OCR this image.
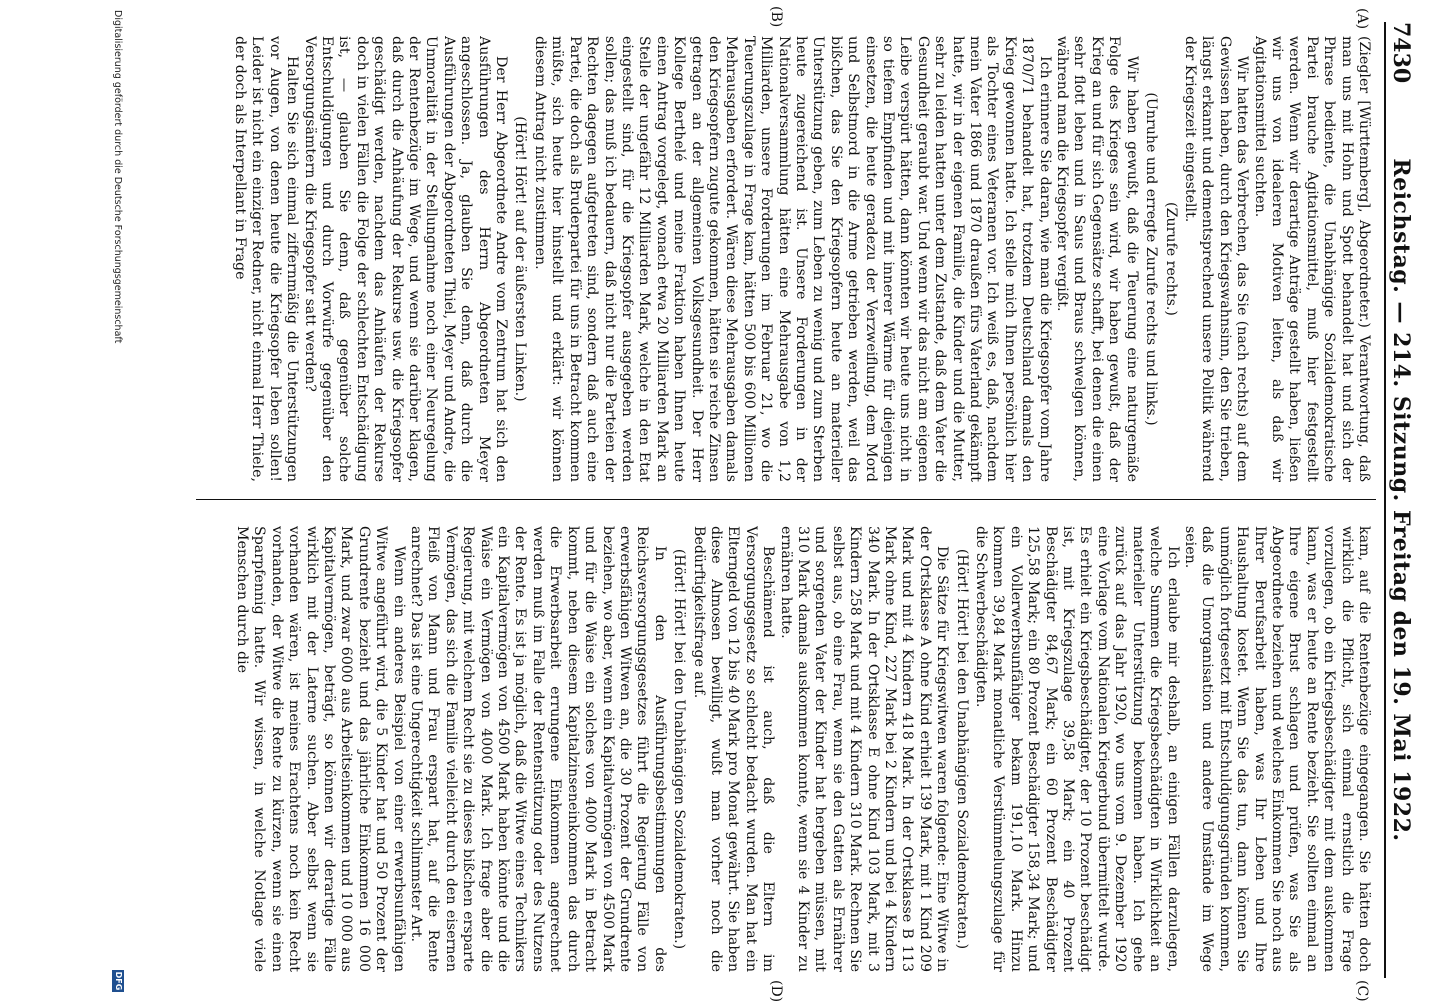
7430
Reichstag. — 214. Sitzung. Freitag den 19. Mai 1922.
(A)
(B)
(C)
(D)

(Ziegler [Württemberg], Abgeordneter.) Verantwortung, daß man uns mit Hohn und Spott behandelt hat und sich der Phrase bediente, die Unabhängige Sozialdemokratische Partei brauche Agitationsmittel, muß hier festgestellt werden. Wenn wir derartige Anträge gestellt haben, ließen wir uns von idealeren Motiven leiten, als daß wir Agitationsmittel suchten.

Wir hatten das Verbrechen, das Sie (nach rechts) auf dem Gewissen haben, durch den Kriegswahnsinn, den Sie trieben, längst erkannt und dementsprechend unsere Politik während der Kriegszeit eingestellt.

(Zurufe rechts.)

(Unruhe und erregte Zurufe rechts und links.)

Wir haben gewußt, daß die Teuerung eine naturgemäße Folge des Krieges sein wird, wir haben gewußt, daß der Krieg an und für sich Gegensätze schafft, bei denen die einen sehr flott leben und in Saus und Braus schwelgen können, während man die Kriegsopfer vergißt.

Ich erinnere Sie daran, wie man die Kriegsopfer vom Jahre 1870/71 behandelt hat, trotzdem Deutschland damals den Krieg gewonnen hatte. Ich stelle mich Ihnen persönlich hier als Tochter eines Veteranen vor. Ich weiß es, daß, nachdem mein Vater 1866 und 1870 draußen fürs Vaterland gekämpft hatte, wir in der eigenen Familie, die Kinder und die Mutter, sehr zu leiden hatten unter dem Zustande, daß dem Vater die Gesundheit geraubt war. Und wenn wir das nicht am eigenen Leibe verspürt hätten, dann könnten wir heute uns nicht in so tiefem Empfinden und mit innerer Wärme für diejenigen einsetzen, die heute geradezu der Verzweiflung, dem Mord und Selbstmord in die Arme getrieben werden, weil das bißchen, das Sie den Kriegsopfern heute an materieller Unterstützung geben, zum Leben zu wenig und zum Sterben heute zugereichend ist. Unsere Forderungen in der Nationalversammlung hätten eine Mehrausgabe von 1,2 Milliarden, unsere Forderungen im Februar 21, wo die Teuerungszulage in Frage kam, hätten 500 bis 600 Millionen Mehrausgaben erfordert. Wären diese Mehrausgaben damals den Kriegsopfern zugute gekommen, hätten sie reiche Zinsen getragen an der allgemeinen Volksgesundheit. Der Herr Kollege Berthelé und meine Fraktion haben Ihnen heute einen Antrag vorgelegt, wonach etwa 20 Milliarden Mark an Stelle der ungefähr 12 Milliarden Mark, welche in den Etat eingestellt sind, für die Kriegsopfer ausgegeben werden sollen; das muß ich bedauern, daß nicht nur die Parteien der Rechten dagegen aufgetreten sind, sondern daß auch eine Partei, die doch als Bruderpartei für uns in Betracht kommen müßte, sich heute hier hinstellt und erklärt: wir können diesem Antrag nicht zustimmen.

(Hört! Hört! auf der äußersten Linken.)

Der Herr Abgeordnete Andre vom Zentrum hat sich den Ausführungen des Herrn Abgeordneten Meyer angeschlossen. Ja, glauben Sie denn, daß durch die Ausführungen der Abgeordneten Thiel, Meyer und Andre, die Unmoralität in der Stellungnahme noch einer Neuregelung der Rentenbezüge im Wege, und wenn sie darüber klagen, daß durch die Anhäufung der Rekurse usw. die Kriegsopfer geschädigt werden, nachdem das Anhäufen der Rekurse doch in vielen Fällen die Folge der schlechten Entschädigung ist, — glauben Sie denn, daß gegenüber solche Entschuldigungen und durch Vorwürfe gegenüber den Versorgungsämtern die Kriegsopfer satt werden?

Halten Sie sich einmal ziffernmäßig die Unterstützungen vor Augen, von denen heute die Kriegsopfer leben sollen! Leider ist nicht ein einziger Redner, nicht einmal Herr Thiele, der doch als Interpellant in Frage

kam, auf die Rentenbezüge eingegangen. Sie hätten doch wirklich die Pflicht, sich einmal ernstlich die Frage vorzulegen, ob ein Kriegsbeschädigter mit dem auskommen kann, was er heute an Rente bezieht. Sie sollten einmal an Ihre eigene Brust schlagen und prüfen, was Sie als Abgeordnete beziehen und welches Einkommen Sie noch aus Ihrer Berufsarbeit haben, was Ihr Leben und Ihre Haushaltung kostet. Wenn Sie das tun, dann können Sie unmöglich fortgesetzt mit Entschuldigungsgründen kommen, daß die Umorganisation und andere Umstände im Wege seien.

Ich erlaube mir deshalb, an einigen Fällen darzulegen, welche Summen die Kriegsbeschädigten in Wirklichkeit an materieller Unterstützung bekommen haben. Ich gehe zurück auf das Jahr 1920, wo uns vom 9. Dezember 1920 eine Vorlage vom Nationalen Kriegerbund übermittelt wurde. Es erhielt ein Kriegsbeschädigter, der 10 Prozent beschädigt ist, mit Kriegszulage 39,58 Mark; ein 40 Prozent Beschädigter 84,67 Mark; ein 60 Prozent Beschädigter 125,58 Mark; ein 80 Prozent Beschädigter 158,34 Mark; und ein Vollerwerbsunfähiger bekam 191,10 Mark. Hinzu kommen 39,84 Mark monatliche Verstümmelungszulage für die Schwerbeschädigten.

(Hört! Hört! bei den Unabhängigen Sozialdemokraten.)

Die Sätze für Kriegswitwen waren folgende: Eine Witwe in der Ortsklasse A ohne Kind erhielt 139 Mark, mit 1 Kind 209 Mark und mit 4 Kindern 418 Mark. In der Ortsklasse B 113 Mark ohne Kind, 227 Mark bei 2 Kindern und bei 4 Kindern 340 Mark. In der Ortsklasse E ohne Kind 103 Mark, mit 3 Kindern 258 Mark und mit 4 Kindern 310 Mark. Rechnen Sie selbst aus, ob eine Frau, wenn sie den Gatten als Ernährer und sorgenden Vater der Kinder hat hergeben müssen, mit 310 Mark damals auskommen konnte, wenn sie 4 Kinder zu ernähren hatte.

Beschämend ist auch, daß die Eltern im Versorgungsgesetz so schlecht bedacht wurden. Man hat ein Elterngeld von 12 bis 40 Mark pro Monat gewährt. Sie haben diese Almosen bewilligt, wußt man vorher noch die Bedürftigkeitsfrage auf.

(Hört! Hört! bei den Unabhängigen Sozialdemokraten.)

In den Ausführungsbestimmungen des Reichsversorgungsgesetzes führt die Regierung Fälle von erwerbsfähigen Witwen an, die 30 Prozent der Grundrente beziehen, wo aber, wenn ein Kapitalvermögen von 4500 Mark und für die Waise ein solches von 4000 Mark in Betracht kommt, neben diesem Kapitalzinseneinkommen das durch die Erwerbsarbeit errungene Einkommen angerechnet werden muß im Falle der Rentenstützung oder des Nutzens der Rente. Es ist ja möglich, daß die Witwe eines Technikers ein Kapitalvermögen von 4500 Mark haben könnte und die Waise ein Vermögen von 4000 Mark. Ich frage aber die Regierung, mit welchem Recht sie zu dieses bißchen ersparte Vermögen, das sich die Familie vielleicht durch den eisernen Fleiß von Mann und Frau erspart hat, auf die Rente anrechnet? Das ist eine Ungerechtigkeit schlimmster Art.

Wenn ein anderes Beispiel von einer erwerbsunfähigen Witwe angeführt wird, die 5 Kinder hat und 50 Prozent der Grundrente bezieht und das jährliche Einkommen 16 000 Mark, und zwar 6000 aus Arbeitseinkommen und 10 000 aus Kapitalvermögen, beträgt, so können wir derartige Fälle wirklich mit der Laterne suchen. Aber selbst wenn sie vorhanden wären, ist meines Erachtens noch kein Recht vorhanden, der Witwe die Rente zu kürzen, wenn sie einen Sparpfennig hatte. Wir wissen, in welche Notlage viele Menschen durch die

Digitalisierung gefördert durch die Deutsche Forschungsgemeinschaft
DFG
